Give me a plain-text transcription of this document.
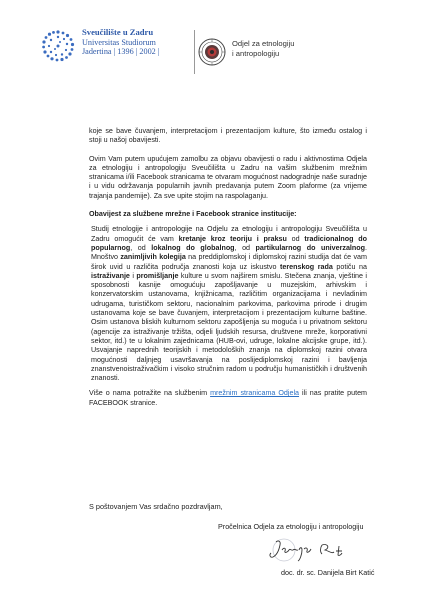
Sveučilište u Zadru
Universitas Studiorum
Jadertina | 1396 | 2002 |
Odjel za etnologiju
i antropologiju

koje se bave čuvanjem, interpretacijom i prezentacijom kulture, što između ostalog i stoji u našoj obavijesti.

Ovim Vam putem upućujem zamolbu za objavu obavijesti o radu i aktivnostima Odjela za etnologiju i antropologiju Sveučilišta u Zadru na vašim službenim mrežnim stranicama i/ili Facebook stranicama te otvaram mogućnost nadogradnje naše suradnje i u vidu održavanja popularnih javnih predavanja putem Zoom plaforme (za vrijeme trajanja pandemije). Za sve upite stojim na raspolaganju.

Obavijest za službene mrežne i Facebook stranice institucije:

Studij etnologije i antropologije na Odjelu za etnologiju i antropologiju Sveučilišta u Zadru omogućit će vam kretanje kroz teoriju i praksu od tradicionalnog do popularnog, od lokalnog do globalnog, od partikularnog do univerzalnog. Mnoštvo zanimljivih kolegija na preddiplomskoj i diplomskoj razini studija dat će vam širok uvid u različita područja znanosti koja uz iskustvo terenskog rada potiču na istraživanje i promišljanje kulture u svom najširem smislu. Stečena znanja, vještine i sposobnosti kasnije omogućuju zapošljavanje u muzejskim, arhivskim i konzervatorskim ustanovama, knjižnicama, različitim organizacijama i nevladinim udrugama, turističkom sektoru, nacionalnim parkovima, parkovima prirode i drugim ustanovama koje se bave čuvanjem, interpretacijom i prezentacijom kulturne baštine. Osim ustanova bliskih kulturnom sektoru zapošljenja su moguća i u privatnom sektoru (agencije za istraživanje tržišta, odjeli ljudskih resursa, društvene mreže, korporativni sektor, itd.) te u lokalnim zajednicama (HUB-ovi, udruge, lokalne akcijske grupe, itd.). Usvajanje naprednih teorijskih i metodoloških znanja na diplomskoj razini otvara mogućnosti daljnjeg usavršavanja na poslijediplomskoj razini i bavljenja znanstvenoistraživačkim i visoko stručnim radom u području humanističkih i društvenih znanosti.

Više o nama potražite na službenim mrežnim stranicama Odjela ili nas pratite putem FACEBOOK stranice.

S poštovanjem Vas srdačno pozdravljam,
Pročelnica Odjela za etnologiju i antropologiju
doc. dr. sc. Danijela Birt Katić
